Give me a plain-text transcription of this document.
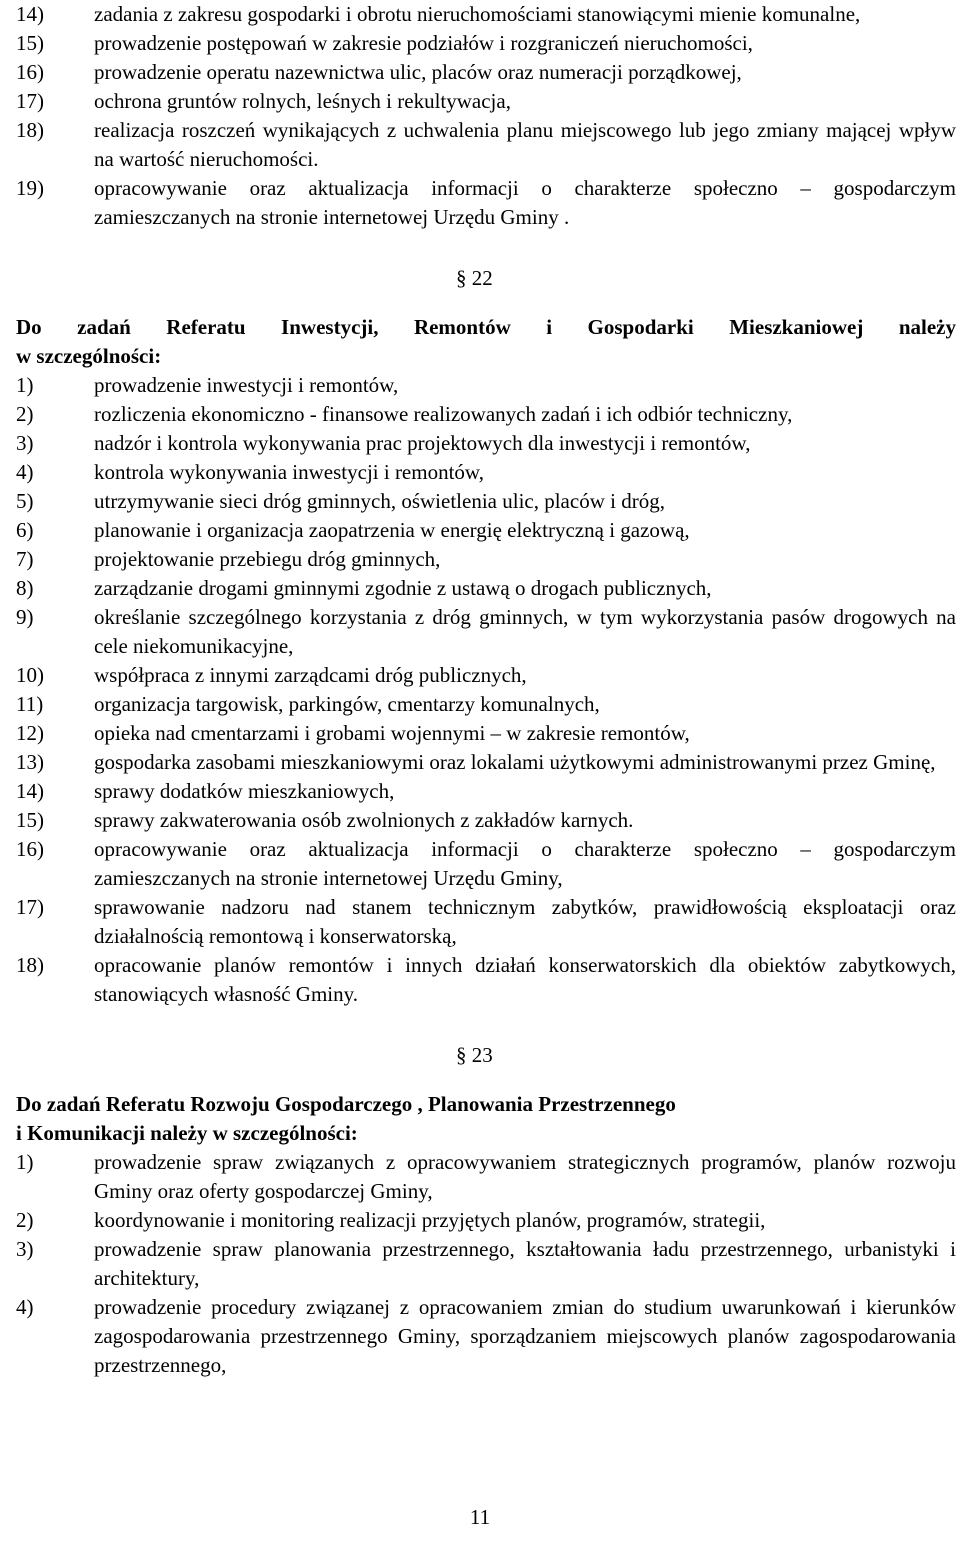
14) zadania z zakresu gospodarki i obrotu nieruchomościami stanowiącymi mienie komunalne,
15) prowadzenie postępowań w zakresie podziałów i rozgraniczeń nieruchomości,
16) prowadzenie operatu nazewnictwa ulic, placów oraz numeracji porządkowej,
17) ochrona gruntów rolnych, leśnych i rekultywacja,
18) realizacja roszczeń wynikających z uchwalenia planu miejscowego lub jego zmiany mającej wpływ na wartość nieruchomości.
19) opracowywanie oraz aktualizacja informacji o charakterze społeczno – gospodarczym zamieszczanych na stronie internetowej Urzędu Gminy .
§ 22
Do zadań Referatu Inwestycji, Remontów i Gospodarki Mieszkaniowej należy
w szczególności:
1)	prowadzenie inwestycji i remontów,
2)	rozliczenia ekonomiczno - finansowe realizowanych zadań i ich odbiór techniczny,
3)	nadzór i kontrola wykonywania prac projektowych dla inwestycji i remontów,
4)	kontrola wykonywania inwestycji i remontów,
5)	utrzymywanie sieci dróg gminnych, oświetlenia ulic, placów i dróg,
6)	planowanie i organizacja zaopatrzenia w energię elektryczną i gazową,
7)	projektowanie przebiegu dróg gminnych,
8)	zarządzanie drogami gminnymi zgodnie z ustawą o drogach publicznych,
9)	określanie szczególnego korzystania z dróg gminnych, w tym wykorzystania pasów drogowych na cele niekomunikacyjne,
10) współpraca z innymi zarządcami dróg publicznych,
11) organizacja targowisk, parkingów, cmentarzy komunalnych,
12) opieka nad cmentarzami i grobami wojennymi – w zakresie remontów,
13) gospodarka zasobami mieszkaniowymi oraz lokalami użytkowymi administrowanymi przez Gminę,
14) sprawy dodatków mieszkaniowych,
15) sprawy zakwaterowania osób zwolnionych z zakładów karnych.
16) opracowywanie oraz aktualizacja informacji o charakterze społeczno – gospodarczym zamieszczanych na stronie internetowej Urzędu Gminy,
17) sprawowanie nadzoru nad stanem technicznym zabytków, prawidłowością eksploatacji oraz działalnością remontową i konserwatorską,
18) opracowanie planów remontów i innych działań konserwatorskich dla obiektów zabytkowych, stanowiących własność Gminy.
§ 23
Do zadań Referatu Rozwoju Gospodarczego , Planowania Przestrzennego
i Komunikacji należy w szczególności:
1)	prowadzenie spraw związanych z opracowywaniem strategicznych programów, planów rozwoju Gminy oraz oferty gospodarczej Gminy,
2)	koordynowanie i monitoring realizacji przyjętych planów, programów, strategii,
3)	prowadzenie spraw planowania przestrzennego, kształtowania ładu przestrzennego, urbanistyki i architektury,
4)	prowadzenie procedury związanej z opracowaniem zmian do studium uwarunkowań i kierunków zagospodarowania przestrzennego Gminy, sporządzaniem miejscowych planów zagospodarowania przestrzennego,
11
